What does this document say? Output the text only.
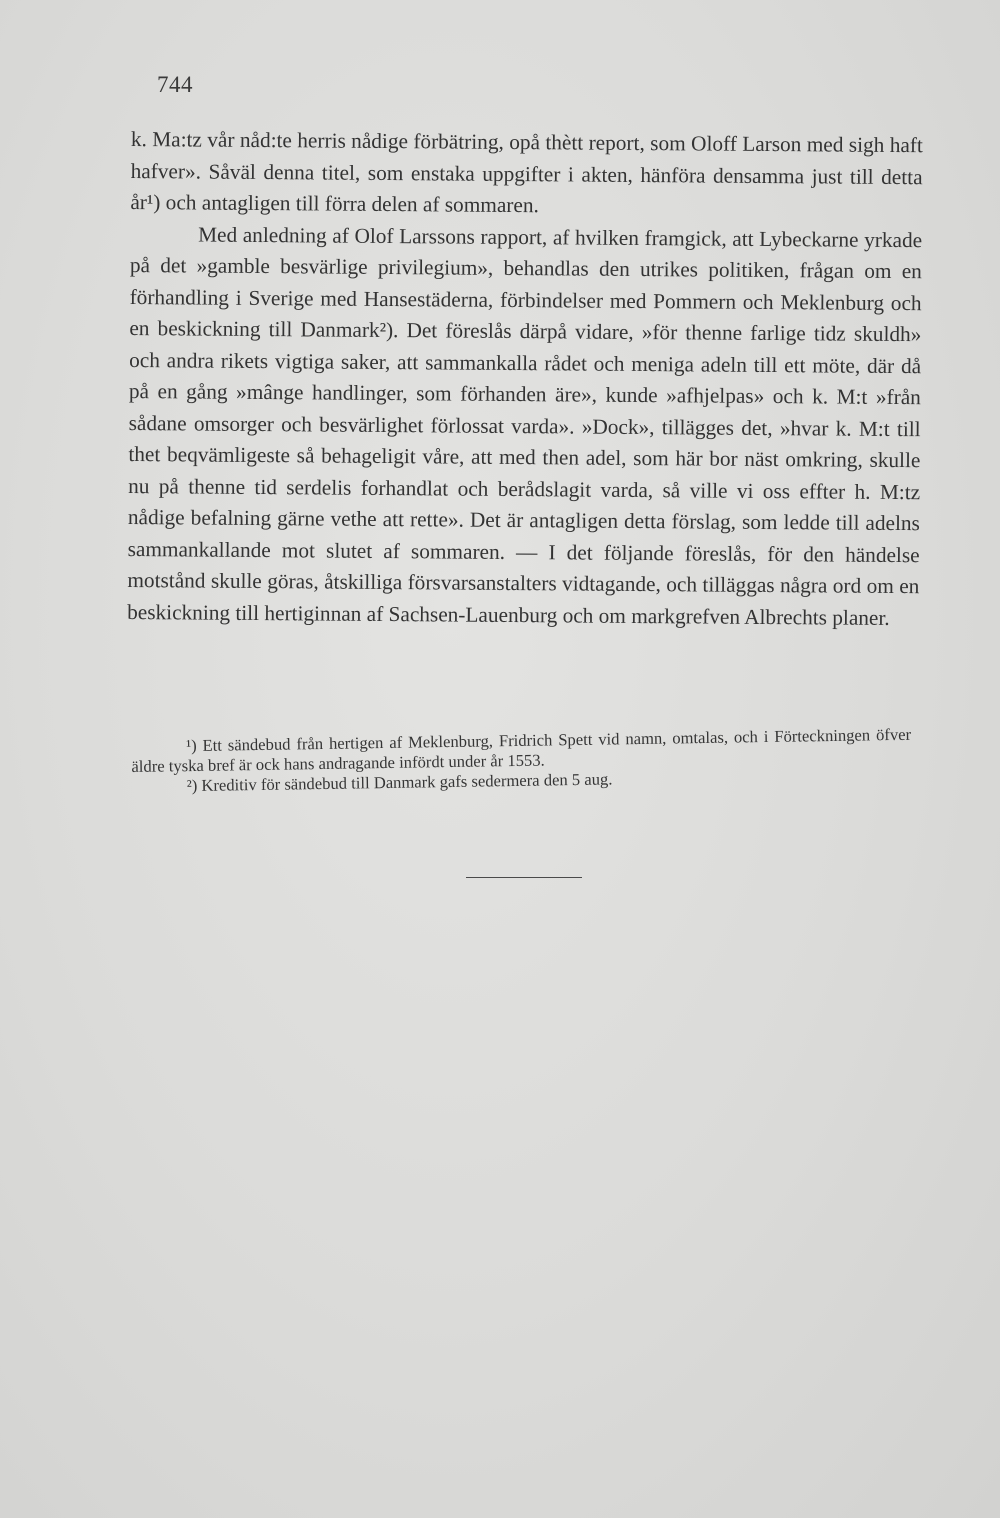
744

k. Ma:tz vår nåd:te herris nådige förbätring, opå thètt report, som Oloff Larson med sigh haft hafver». Såväl denna titel, som enstaka uppgifter i akten, hänföra densamma just till detta år¹) och antagligen till förra delen af sommaren.

Med anledning af Olof Larssons rapport, af hvilken framgick, att Lybeckarne yrkade på det »gamble besvärlige privilegium», behandlas den utrikes politiken, frågan om en förhandling i Sverige med Hansestäderna, förbindelser med Pommern och Meklenburg och en beskickning till Danmark²). Det föreslås därpå vidare, »för thenne farlige tidz skuldh» och andra rikets vigtiga saker, att sammankalla rådet och meniga adeln till ett möte, där då på en gång »mânge handlinger, som förhanden äre», kunde »afhjelpas» och k. M:t »från sådane omsorger och besvärlighet förlossat varda». »Dock», tillägges det, »hvar k. M:t till thet beqvämligeste så behageligit våre, att med then adel, som här bor näst omkring, skulle nu på thenne tid serdelis forhandlat och berådslagit varda, så ville vi oss effter h. M:tz nådige befalning gärne vethe att rette». Det är antagligen detta förslag, som ledde till adelns sammankallande mot slutet af sommaren. — I det följande föreslås, för den händelse motstånd skulle göras, åtskilliga försvarsanstalters vidtagande, och tilläggas några ord om en beskickning till hertiginnan af Sachsen-Lauenburg och om markgrefven Albrechts planer.

¹) Ett sändebud från hertigen af Meklenburg, Fridrich Spett vid namn, omtalas, och i Förteckningen öfver äldre tyska bref är ock hans andragande infördt under år 1553.

²) Kreditiv för sändebud till Danmark gafs sedermera den 5 aug.
